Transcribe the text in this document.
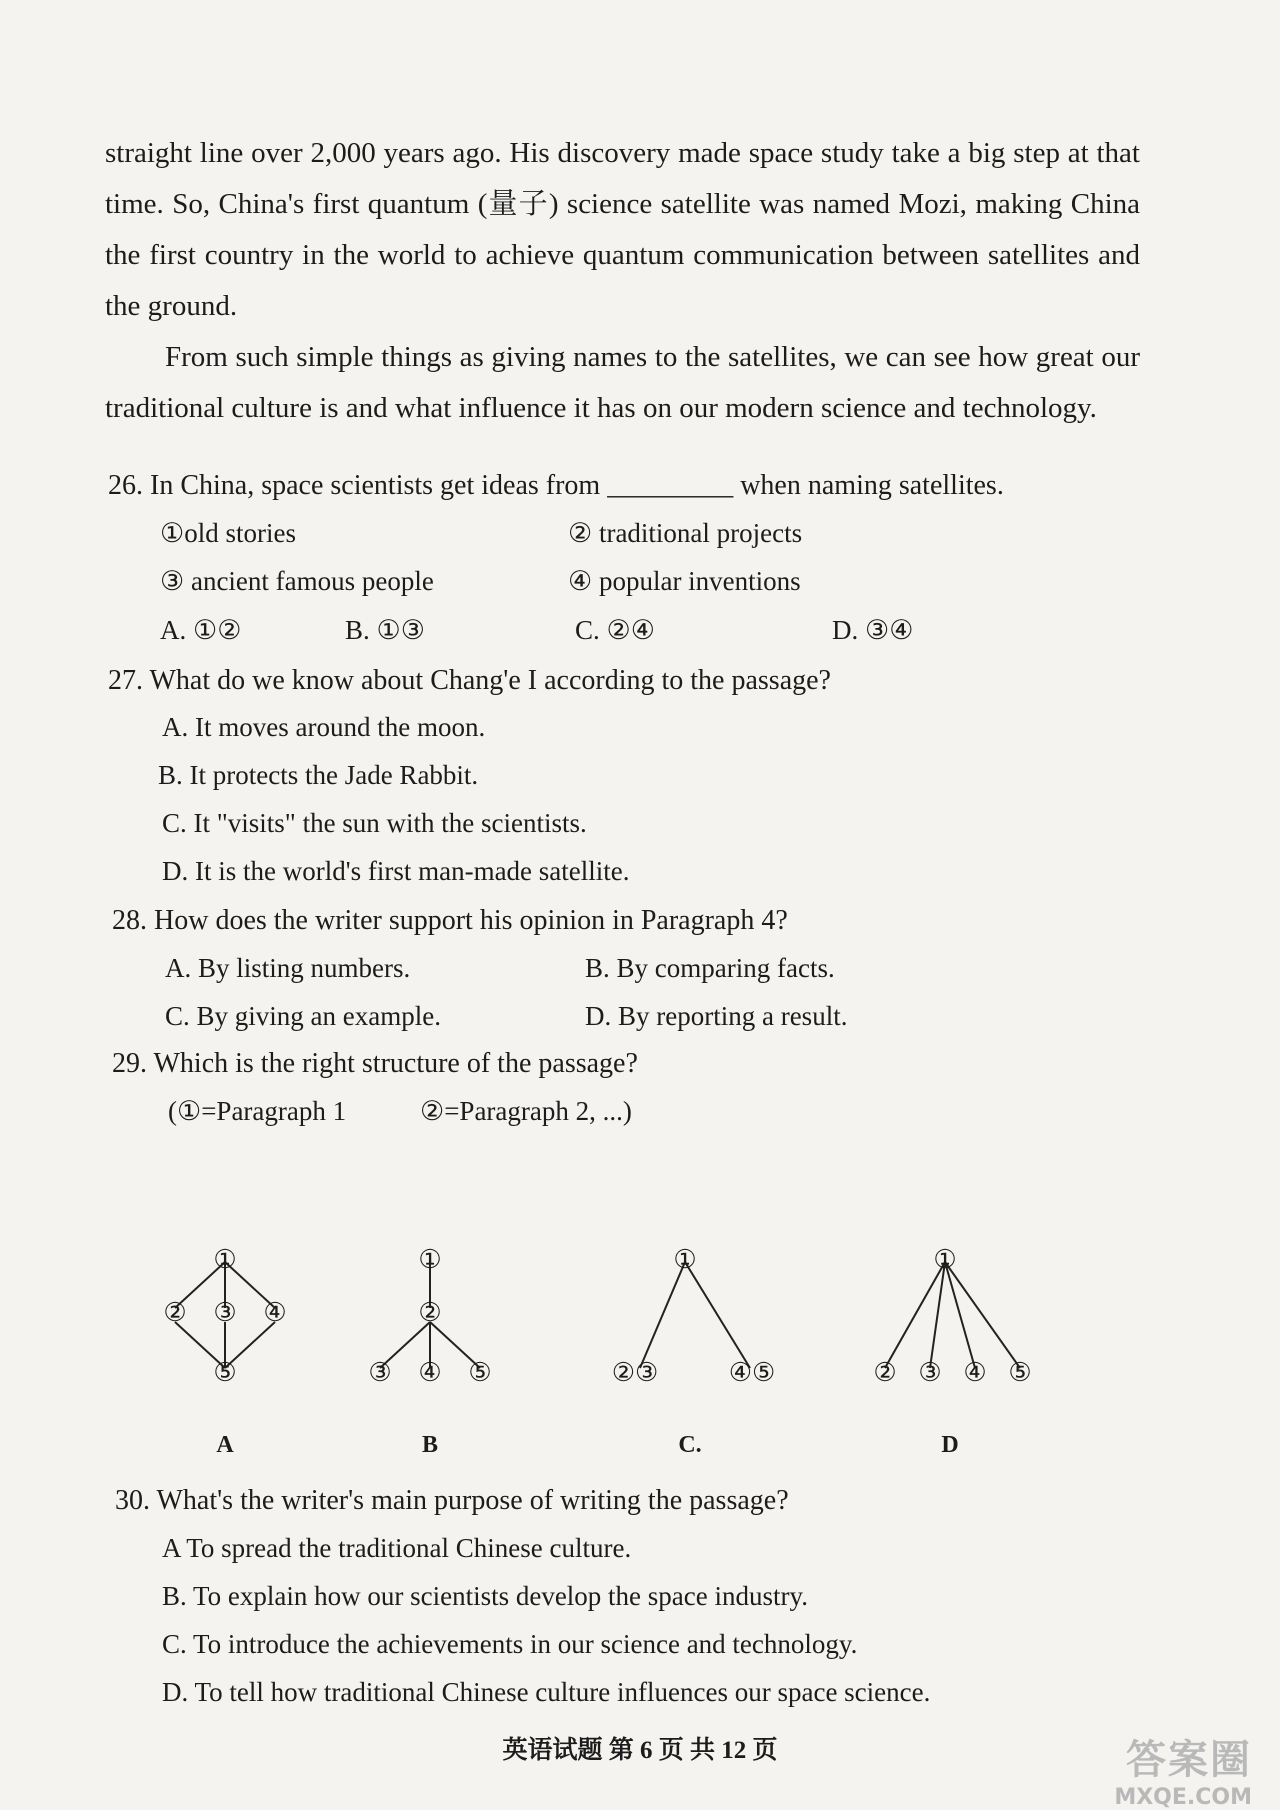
straight line over 2,000 years ago. His discovery made space study take a big step at that time. So, China's first quantum (量子) science satellite was named Mozi, making China the first country in the world to achieve quantum communication between satellites and the ground.

From such simple things as giving names to the satellites, we can see how great our traditional culture is and what influence it has on our modern science and technology.

26. In China, space scientists get ideas from _________ when naming satellites.
①old stories	② traditional projects
③ ancient famous people	④ popular inventions
A. ①②	B. ①③	C. ②④	D. ③④
27. What do we know about Chang'e I according to the passage?
A. It moves around the moon.
B. It protects the Jade Rabbit.
C. It "visits" the sun with the scientists.
D. It is the world's first man-made satellite.
28. How does the writer support his opinion in Paragraph 4?
A. By listing numbers.	B. By comparing facts.
C. By giving an example.	D. By reporting a result.
29. Which is the right structure of the passage?
(①=Paragraph 1	②=Paragraph 2, ...)
①
② ③ ④
⑤
①
②
③ ④ ⑤
①
②③	④⑤
①
② ③ ④ ⑤
A	B	C.	D
30. What's the writer's main purpose of writing the passage?
A To spread the traditional Chinese culture.
B. To explain how our scientists develop the space industry.
C. To introduce the achievements in our science and technology.
D. To tell how traditional Chinese culture influences our space science.
英语试题 第 6 页 共 12 页	答案圈
MXQE.COM
